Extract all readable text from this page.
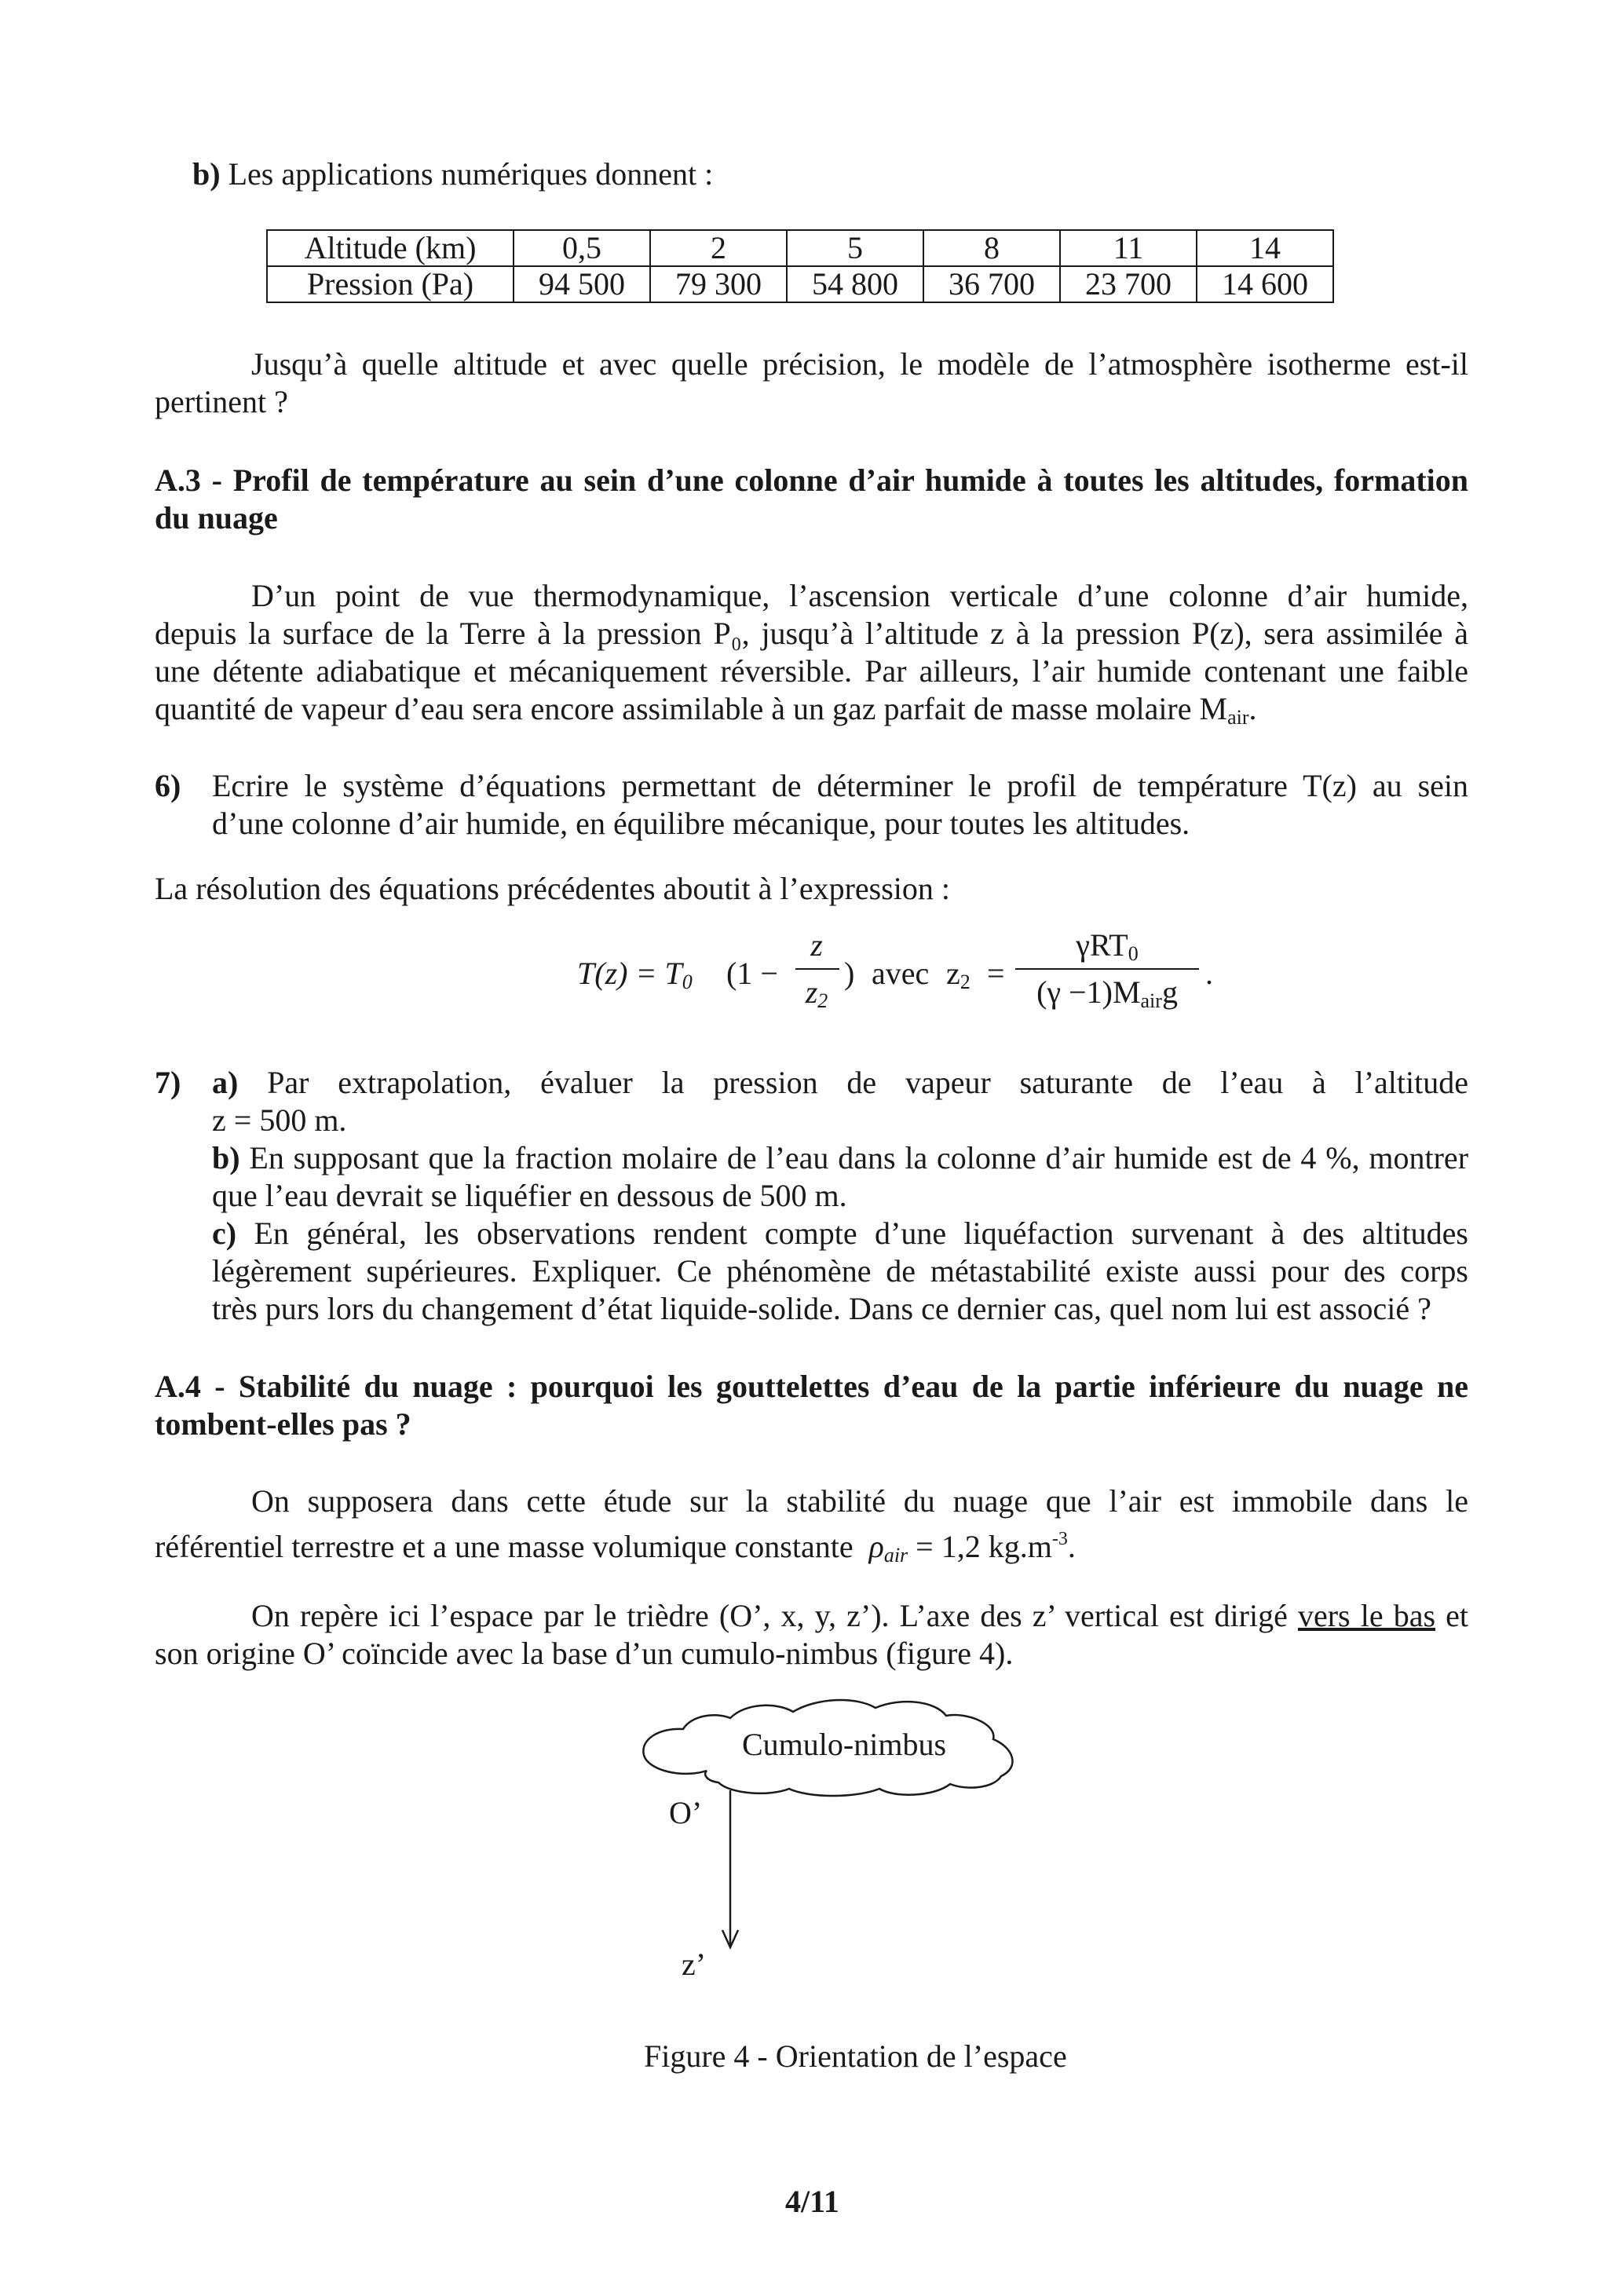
b) Les applications numériques donnent :

Altitude (km)	0,5	2	5	8	11	14
Pression (Pa)	94 500	79 300	54 800	36 700	23 700	14 600

Jusqu’à quelle altitude et avec quelle précision, le modèle de l’atmosphère isotherme est-il

pertinent ?

A.3 - Profil de température au sein d’une colonne d’air humide à toutes les altitudes, formation

du nuage

D’un point de vue thermodynamique, l’ascension verticale d’une colonne d’air humide,

depuis la surface de la Terre à la pression P₀, jusqu’à l’altitude z à la pression P(z), sera assimilée à

une détente adiabatique et mécaniquement réversible. Par ailleurs, l’air humide contenant une faible

quantité de vapeur d’eau sera encore assimilable à un gaz parfait de masse molaire $M_{air}$.

6) Ecrire le système d’équations permettant de déterminer le profil de température T(z) au sein

d’une colonne d’air humide, en équilibre mécanique, pour toutes les altitudes.

La résolution des équations précédentes aboutit à l’expression :

$T(z) = T_0$ (1 −
z
$z_2$
) avec $z_2$ =
γRT$_0$
$(\gamma -1)M_{air}g$
.

7) a) Par extrapolation, évaluer la pression de vapeur saturante de l’eau à l’altitude

z = 500 m.

b) En supposant que la fraction molaire de l’eau dans la colonne d’air humide est de 4 %, montrer

que l’eau devrait se liquéfier en dessous de 500 m.

c) En général, les observations rendent compte d’une liquéfaction survenant à des altitudes

légèrement supérieures. Expliquer. Ce phénomène de métastabilité existe aussi pour des corps

très purs lors du changement d’état liquide-solide. Dans ce dernier cas, quel nom lui est associé ?

A.4 - Stabilité du nuage : pourquoi les gouttelettes d’eau de la partie inférieure du nuage ne

tombent-elles pas ?

On supposera dans cette étude sur la stabilité du nuage que l’air est immobile dans le

référentiel terrestre et a une masse volumique constante $\rho_{air} = 1,2$ $kg.m^{-3}$.

On repère ici l’espace par le trièdre (O’, x, y, z’). L’axe des z’ vertical est dirigé vers le bas et

son origine O’ coïncide avec la base d’un cumulo-nimbus (figure 4).

Cumulo-nimbus
O’
z’

Figure 4 - Orientation de l’espace

4/11
